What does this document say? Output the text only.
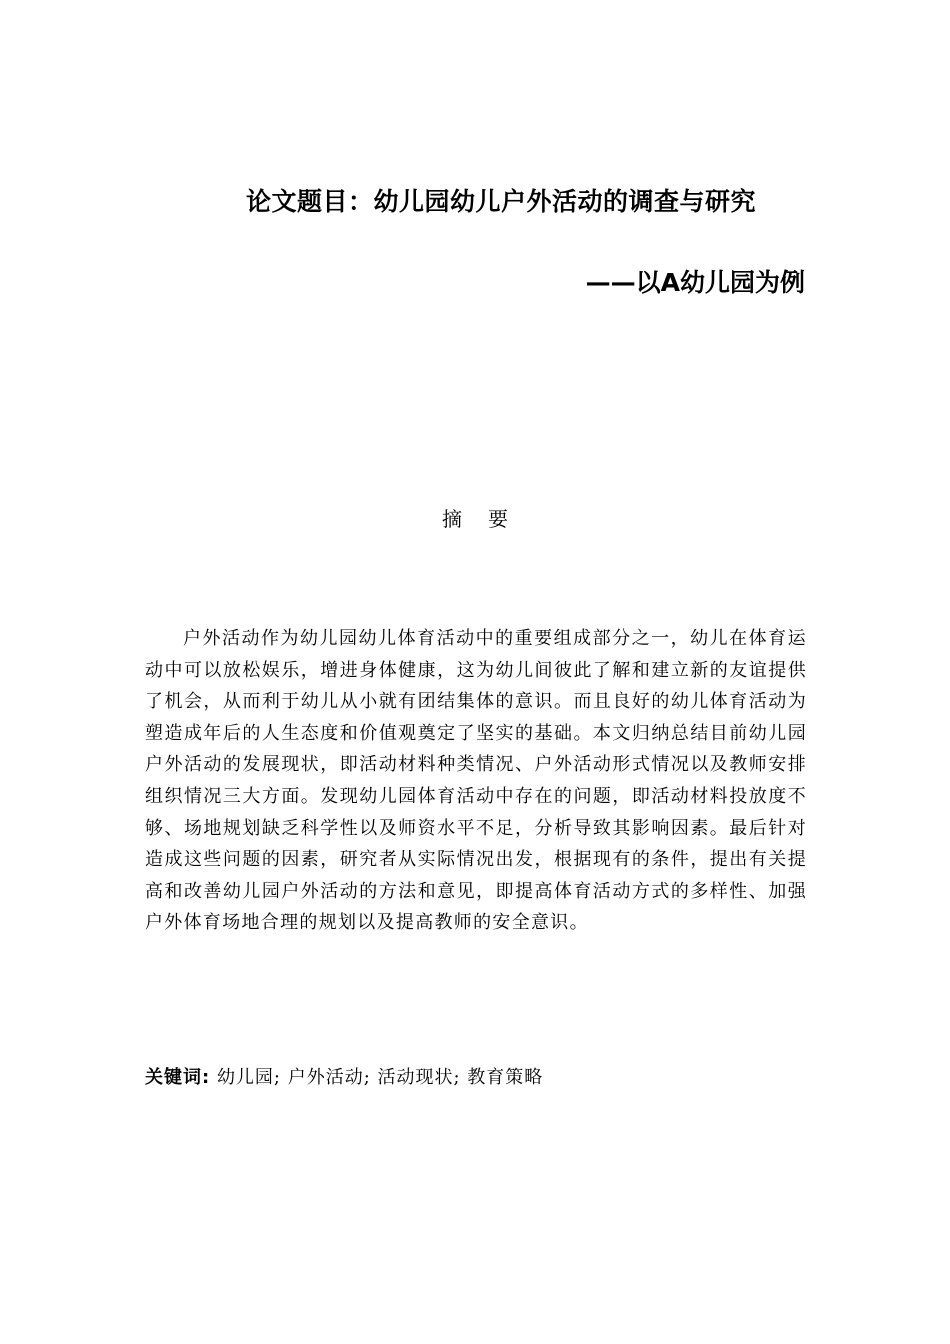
论文题目：幼儿园幼儿户外活动的调查与研究
——以A幼儿园为例
摘要
户外活动作为幼儿园幼儿体育活动中的重要组成部分之一，幼儿在体育运动中可以放松娱乐，增进身体健康，这为幼儿间彼此了解和建立新的友谊提供了机会，从而利于幼儿从小就有团结集体的意识。而且良好的幼儿体育活动为塑造成年后的人生态度和价值观奠定了坚实的基础。本文归纳总结目前幼儿园户外活动的发展现状，即活动材料种类情况、户外活动形式情况以及教师安排组织情况三大方面。发现幼儿园体育活动中存在的问题，即活动材料投放度不够、场地规划缺乏科学性以及师资水平不足，分析导致其影响因素。最后针对造成这些问题的因素，研究者从实际情况出发，根据现有的条件，提出有关提高和改善幼儿园户外活动的方法和意见，即提高体育活动方式的多样性、加强户外体育场地合理的规划以及提高教师的安全意识。
关键词: 幼儿园; 户外活动; 活动现状; 教育策略
